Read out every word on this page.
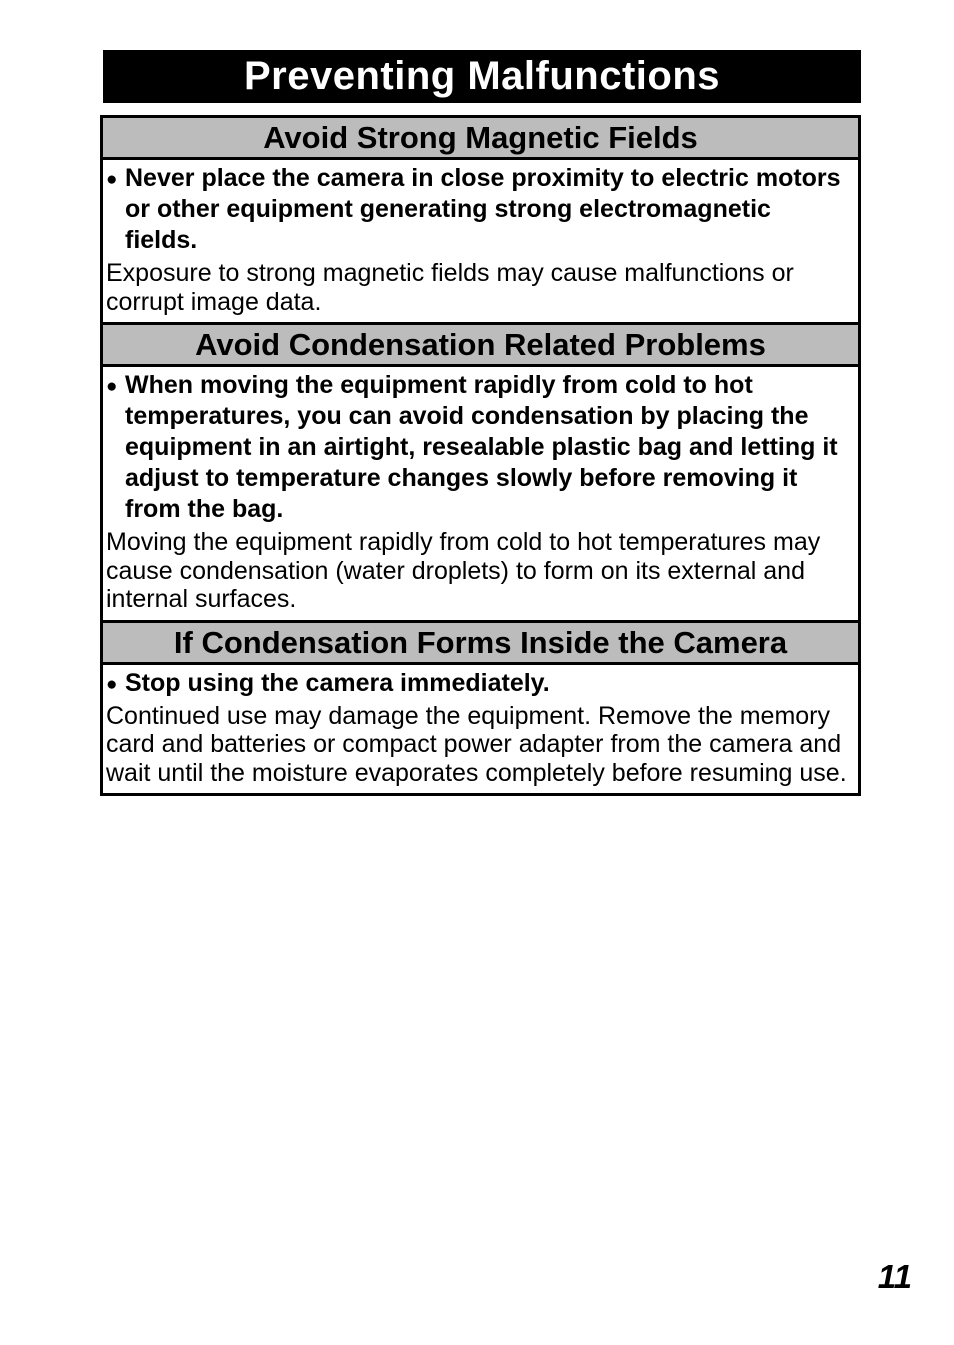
Preventing Malfunctions
Avoid Strong Magnetic Fields
● Never place the camera in close proximity to electric motors
or other equipment generating strong electromagnetic
fields.
Exposure to strong magnetic fields may cause malfunctions or
corrupt image data.
Avoid Condensation Related Problems
● When moving the equipment rapidly from cold to hot
temperatures, you can avoid condensation by placing the
equipment in an airtight, resealable plastic bag and letting it
adjust to temperature changes slowly before removing it
from the bag.
Moving the equipment rapidly from cold to hot temperatures may
cause condensation (water droplets) to form on its external and
internal surfaces.
If Condensation Forms Inside the Camera
● Stop using the camera immediately.
Continued use may damage the equipment. Remove the memory
card and batteries or compact power adapter from the camera and
wait until the moisture evaporates completely before resuming use.
11
